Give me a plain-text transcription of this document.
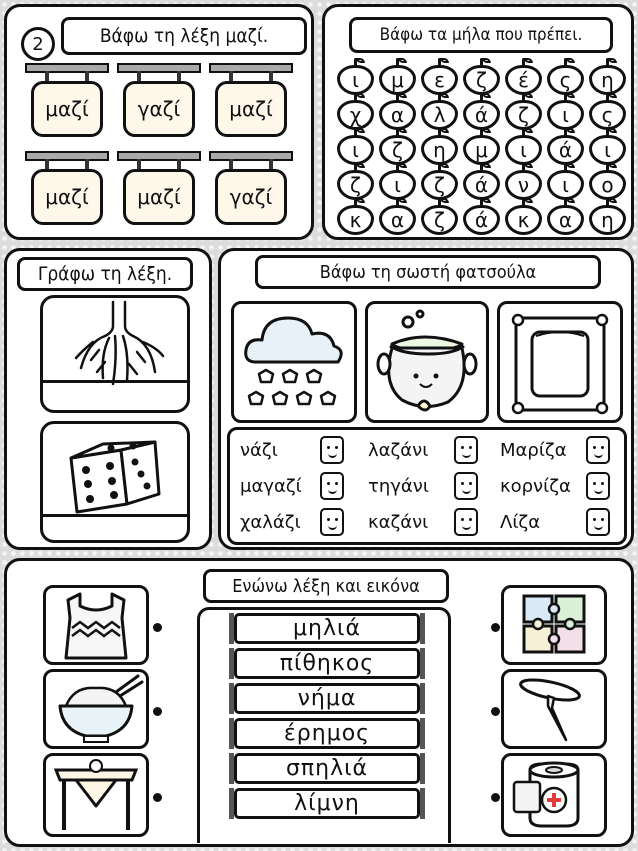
2	Βάφω τη λέξη μαζί.
μαζί	γαζί	μαζί
μαζί	μαζί	γαζί
Βάφω τα μήλα που πρέπει.
ι	μ	ε	ζ	έ	ς	η
χ	α	λ	ά	ζ	ι	ς
ι	ζ	η	μ	ι	ά	ι
ζ	ι	ζ	ά	ν	ι	ο
κ	α	ζ	ά	κ	α	η
Γράφω τη λέξη.	Βάφω τη σωστή φατσούλα
νάζι
μαγαζί
χαλάζι
λαζάνι
τηγάνι
καζάνι
Μαρίζα
κορνίζα
Λίζα
Ενώνω λέξη και εικόνα
μηλιά
πίθηκος
νήμα
έρημος
σπηλιά
λίμνη
